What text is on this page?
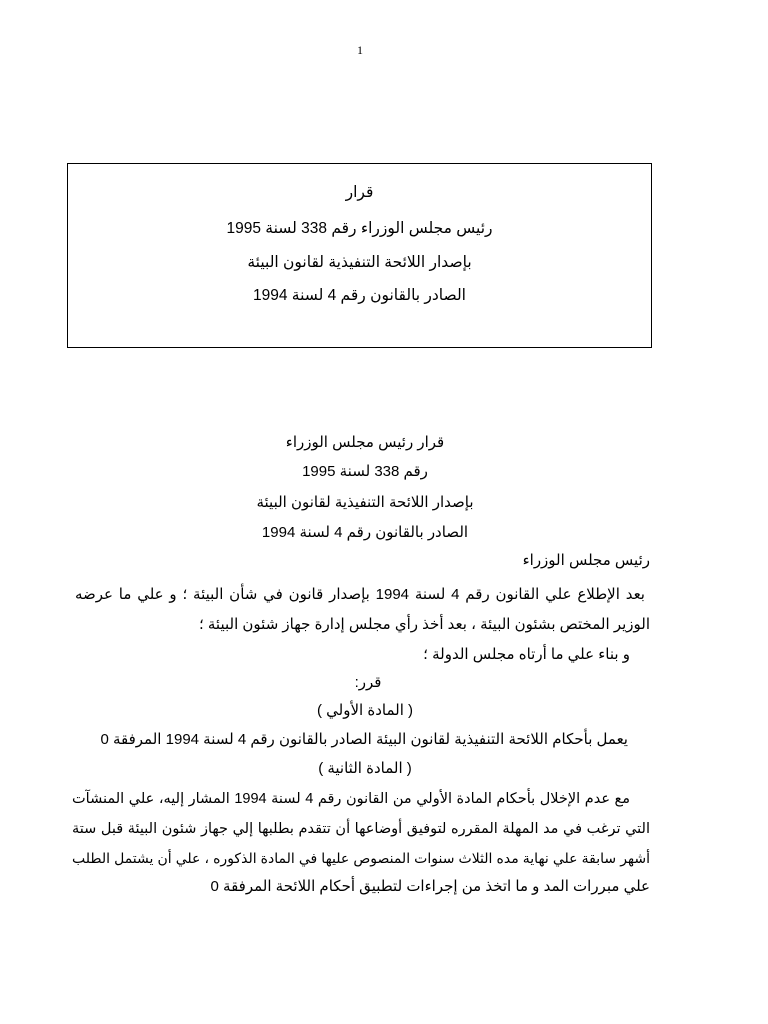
1
قرار
رئيس مجلس الوزراء رقم 338 لسنة 1995
بإصدار اللائحة التنفيذية لقانون البيئة
الصادر بالقانون رقم 4 لسنة 1994
قرار رئيس مجلس الوزراء
رقم 338 لسنة 1995
بإصدار اللائحة التنفيذية لقانون البيئة
الصادر بالقانون رقم 4 لسنة 1994
رئيس مجلس الوزراء
بعد الإطلاع علي القانون رقم 4 لسنة 1994 بإصدار قانون في شأن البيئة ؛ و علي ما عرضه
الوزير المختص بشئون البيئة ، بعد أخذ رأي مجلس إدارة جهاز شئون البيئة ؛
و بناء علي ما أرتاه مجلس الدولة ؛
قرر:
( المادة الأولي )
يعمل بأحكام اللائحة التنفيذية لقانون البيئة الصادر بالقانون رقم 4 لسنة 1994 المرفقة 0
( المادة الثانية )
مع عدم الإخلال بأحكام المادة الأولي من القانون رقم 4 لسنة 1994 المشار إليه، علي المنشآت
التي ترغب في مد المهلة المقرره لتوفيق أوضاعها أن تتقدم بطلبها إلي جهاز شئون البيئة قبل ستة
أشهر سابقة علي نهاية مده الثلاث سنوات المنصوص عليها في المادة الذكوره ، علي أن يشتمل الطلب
علي مبررات المد و ما اتخذ من إجراءات لتطبيق أحكام اللائحة المرفقة 0
